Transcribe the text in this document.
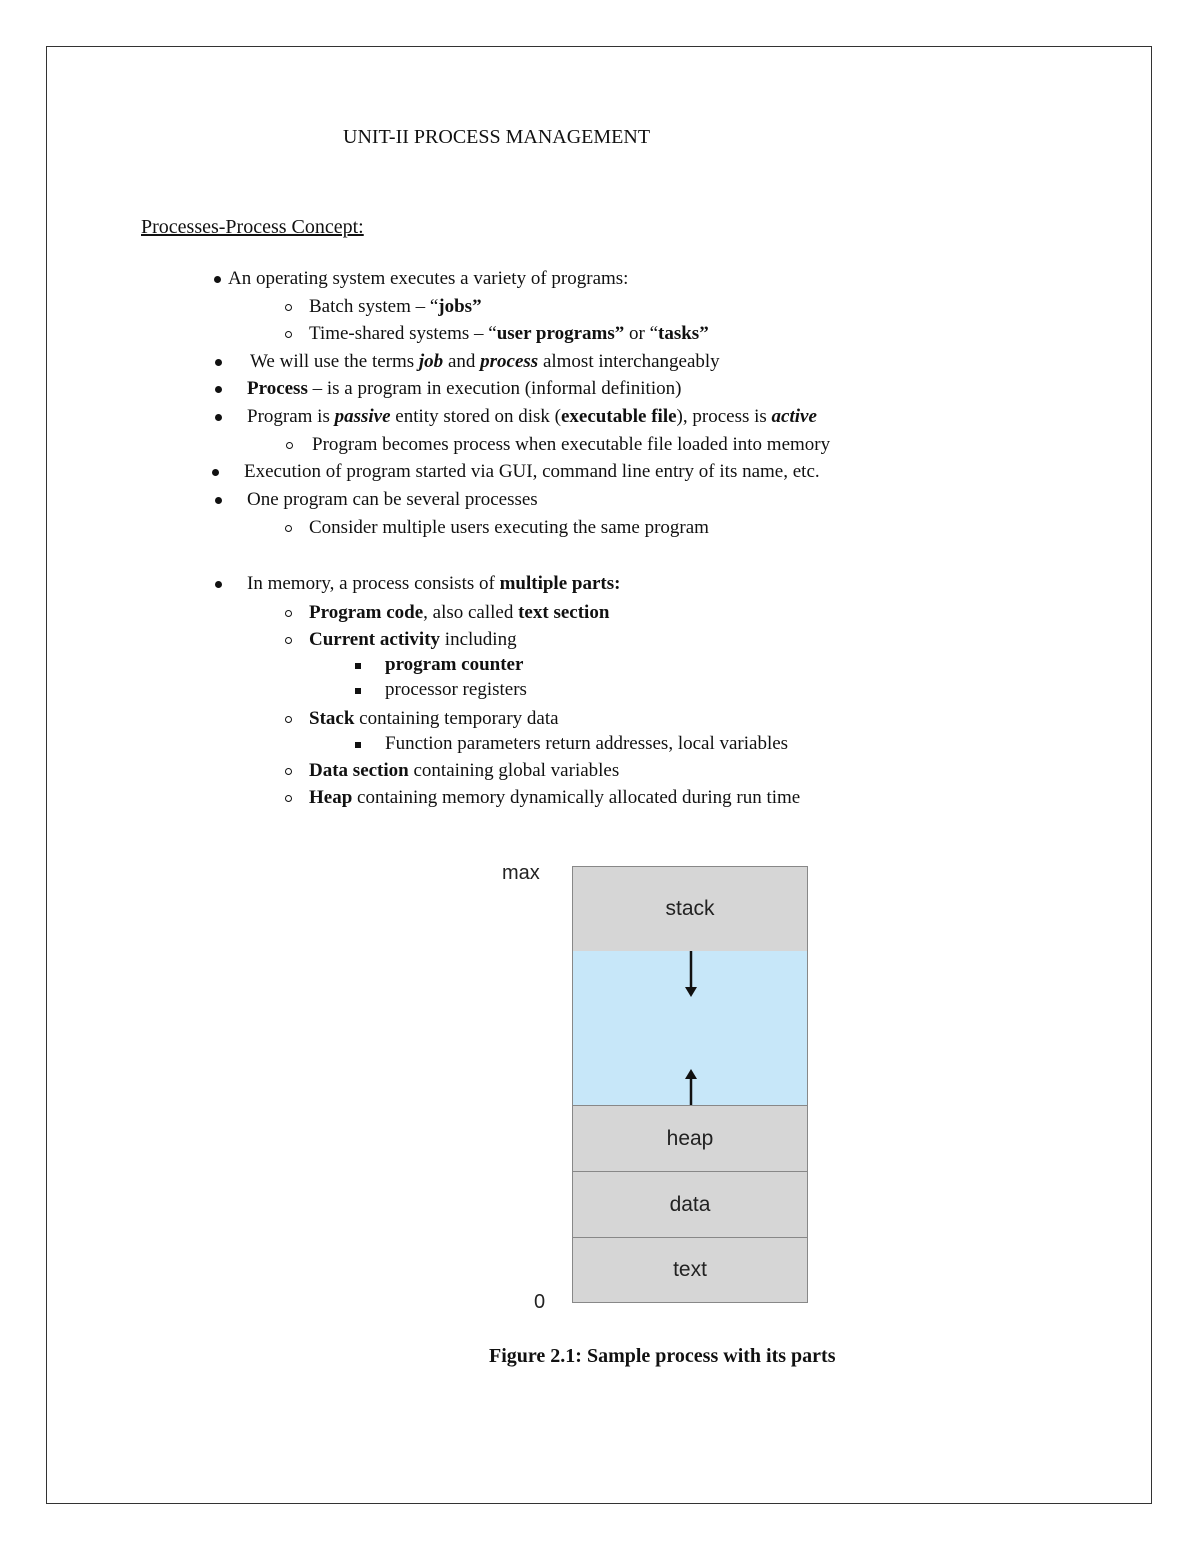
UNIT-II PROCESS MANAGEMENT
Processes-Process Concept:
An operating system executes a variety of programs:
Batch system – “jobs”
Time-shared systems – “user programs” or “tasks”
We will use the terms job and process almost interchangeably
Process – is a program in execution (informal definition)
Program is passive entity stored on disk (executable file), process is active
Program becomes process when executable file loaded into memory
Execution of program started via GUI, command line entry of its name, etc.
One program can be several processes
Consider multiple users executing the same program
In memory, a process consists of multiple parts:
Program code, also called text section
Current activity including
program counter
processor registers
Stack containing temporary data
Function parameters return addresses, local variables
Data section containing global variables
Heap containing memory dynamically allocated during run time
max
0
stack
heap
data
text
Figure 2.1: Sample process with its parts
